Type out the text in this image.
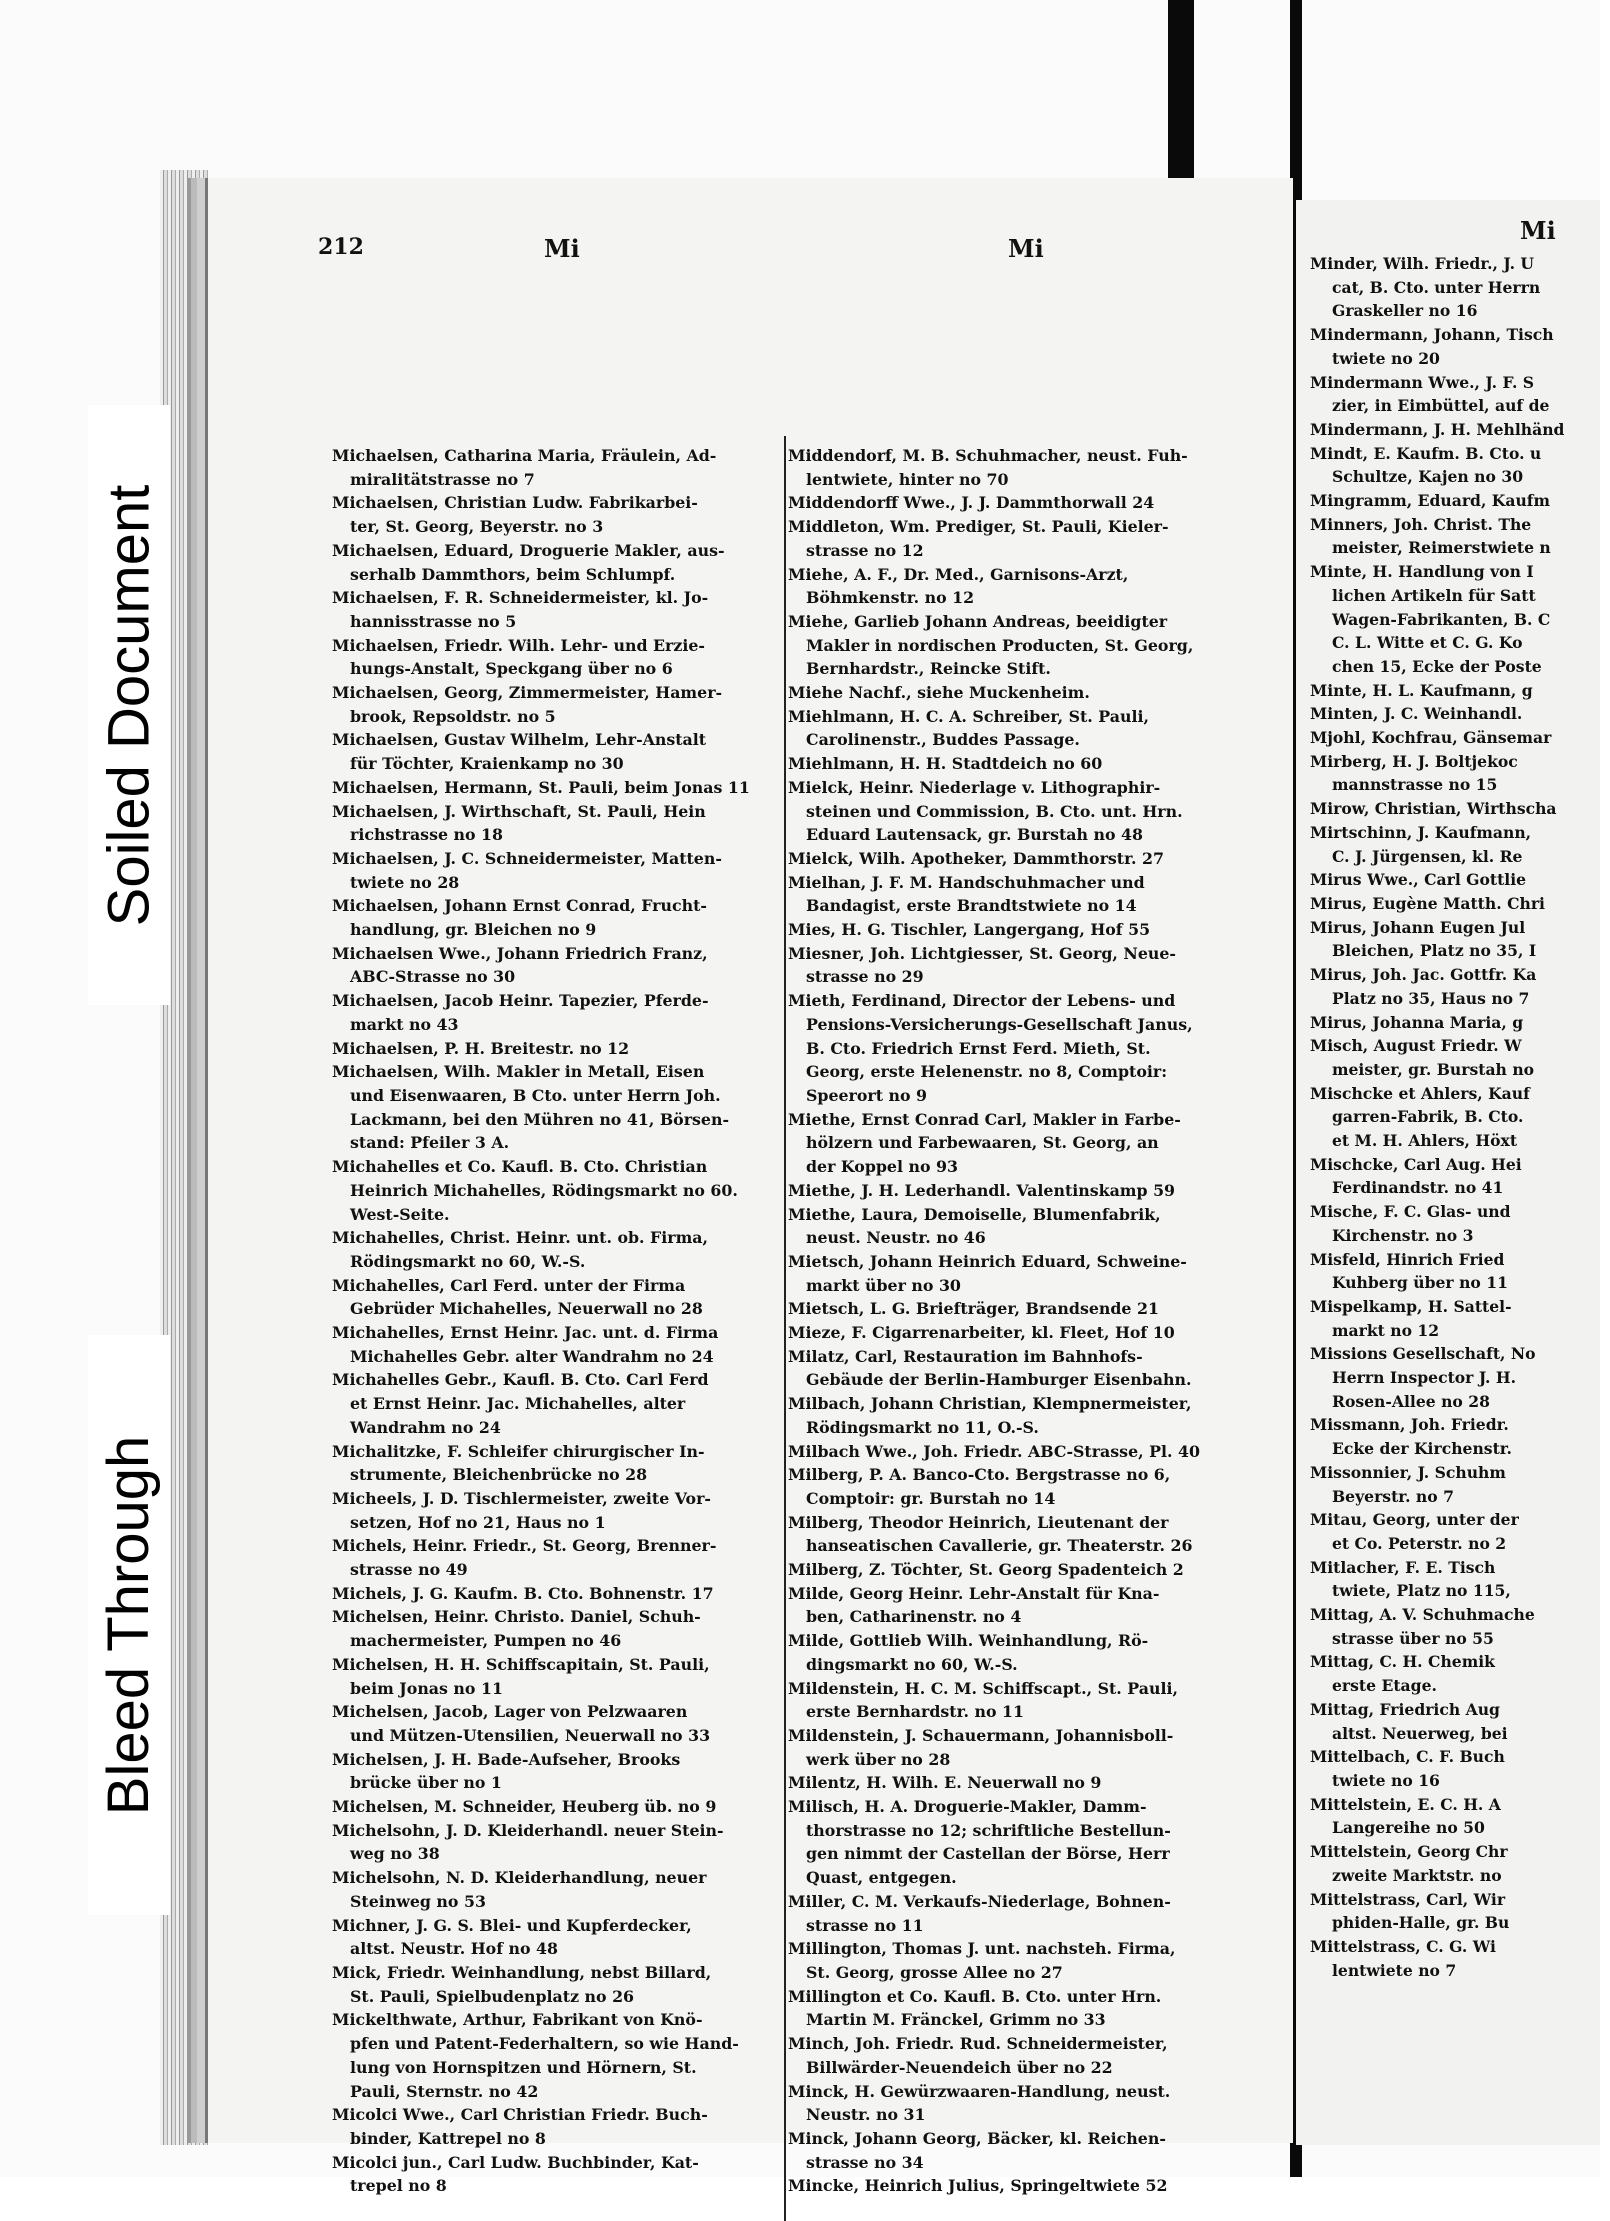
212	Mi	Mi

Michaelsen, Catharina Maria, Fräulein, Ad-
miralitätstrasse no 7

Michaelsen, Christian Ludw. Fabrikarbei-
ter, St. Georg, Beyerstr. no 3

Michaelsen, Eduard, Droguerie Makler, aus-
serhalb Dammthors, beim Schlumpf.

Michaelsen, F. R. Schneidermeister, kl. Jo-
hannisstrasse no 5

Michaelsen, Friedr. Wilh. Lehr- und Erzie-
hungs-Anstalt, Speckgang über no 6

Michaelsen, Georg, Zimmermeister, Hamer-
brook, Repsoldstr. no 5

Michaelsen, Gustav Wilhelm, Lehr-Anstalt
für Töchter, Kraienkamp no 30

Michaelsen, Hermann, St. Pauli, beim Jonas 11

Michaelsen, J. Wirthschaft, St. Pauli, Hein
richstrasse no 18

Michaelsen, J. C. Schneidermeister, Matten-
twiete no 28

Michaelsen, Johann Ernst Conrad, Frucht-
handlung, gr. Bleichen no 9

Michaelsen Wwe., Johann Friedrich Franz,
ABC-Strasse no 30

Michaelsen, Jacob Heinr. Tapezier, Pferde-
markt no 43

Michaelsen, P. H. Breitestr. no 12

Michaelsen, Wilh. Makler in Metall, Eisen
und Eisenwaaren, B Cto. unter Herrn Joh.
Lackmann, bei den Mühren no 41, Börsen-
stand: Pfeiler 3 A.

Michahelles et Co. Kaufl. B. Cto. Christian
Heinrich Michahelles, Rödingsmarkt no 60.
West-Seite.

Michahelles, Christ. Heinr. unt. ob. Firma,
Rödingsmarkt no 60, W.-S.

Michahelles, Carl Ferd. unter der Firma
Gebrüder Michahelles, Neuerwall no 28

Michahelles, Ernst Heinr. Jac. unt. d. Firma
Michahelles Gebr. alter Wandrahm no 24

Michahelles Gebr., Kaufl. B. Cto. Carl Ferd
et Ernst Heinr. Jac. Michahelles, alter
Wandrahm no 24

Michalitzke, F. Schleifer chirurgischer In-
strumente, Bleichenbrücke no 28

Micheels, J. D. Tischlermeister, zweite Vor-
setzen, Hof no 21, Haus no 1

Michels, Heinr. Friedr., St. Georg, Brenner-
strasse no 49

Michels, J. G. Kaufm. B. Cto. Bohnenstr. 17

Michelsen, Heinr. Christo. Daniel, Schuh-
machermeister, Pumpen no 46

Michelsen, H. H. Schiffscapitain, St. Pauli,
beim Jonas no 11

Michelsen, Jacob, Lager von Pelzwaaren
und Mützen-Utensilien, Neuerwall no 33

Michelsen, J. H. Bade-Aufseher, Brooks
brücke über no 1

Michelsen, M. Schneider, Heuberg üb. no 9

Michelsohn, J. D. Kleiderhandl. neuer Stein-
weg no 38

Michelsohn, N. D. Kleiderhandlung, neuer
Steinweg no 53

Michner, J. G. S. Blei- und Kupferdecker,
altst. Neustr. Hof no 48

Mick, Friedr. Weinhandlung, nebst Billard,
St. Pauli, Spielbudenplatz no 26

Mickelthwate, Arthur, Fabrikant von Knö-
pfen und Patent-Federhaltern, so wie Hand-
lung von Hornspitzen und Hörnern, St.
Pauli, Sternstr. no 42

Micolci Wwe., Carl Christian Friedr. Buch-
binder, Kattrepel no 8

Micolci jun., Carl Ludw. Buchbinder, Kat-
trepel no 8

Middendorf, M. B. Schuhmacher, neust. Fuh-
lentwiete, hinter no 70

Middendorff Wwe., J. J. Dammthorwall 24

Middleton, Wm. Prediger, St. Pauli, Kieler-
strasse no 12

Miehe, A. F., Dr. Med., Garnisons-Arzt,
Böhmkenstr. no 12

Miehe, Garlieb Johann Andreas, beeidigter
Makler in nordischen Producten, St. Georg,
Bernhardstr., Reincke Stift.

Miehe Nachf., siehe Muckenheim.

Miehlmann, H. C. A. Schreiber, St. Pauli,
Carolinenstr., Buddes Passage.

Miehlmann, H. H. Stadtdeich no 60

Mielck, Heinr. Niederlage v. Lithographir-
steinen und Commission, B. Cto. unt. Hrn.
Eduard Lautensack, gr. Burstah no 48

Mielck, Wilh. Apotheker, Dammthorstr. 27

Mielhan, J. F. M. Handschuhmacher und
Bandagist, erste Brandtstwiete no 14

Mies, H. G. Tischler, Langergang, Hof 55

Miesner, Joh. Lichtgiesser, St. Georg, Neue-
strasse no 29

Mieth, Ferdinand, Director der Lebens- und
Pensions-Versicherungs-Gesellschaft Janus,
B. Cto. Friedrich Ernst Ferd. Mieth, St.
Georg, erste Helenenstr. no 8, Comptoir:
Speerort no 9

Miethe, Ernst Conrad Carl, Makler in Farbe-
hölzern und Farbewaaren, St. Georg, an
der Koppel no 93

Miethe, J. H. Lederhandl. Valentinskamp 59

Miethe, Laura, Demoiselle, Blumenfabrik,
neust. Neustr. no 46

Mietsch, Johann Heinrich Eduard, Schweine-
markt über no 30

Mietsch, L. G. Briefträger, Brandsende 21

Mieze, F. Cigarrenarbeiter, kl. Fleet, Hof 10

Milatz, Carl, Restauration im Bahnhofs-
Gebäude der Berlin-Hamburger Eisenbahn.

Milbach, Johann Christian, Klempnermeister,
Rödingsmarkt no 11, O.-S.

Milbach Wwe., Joh. Friedr. ABC-Strasse, Pl. 40

Milberg, P. A. Banco-Cto. Bergstrasse no 6,
Comptoir: gr. Burstah no 14

Milberg, Theodor Heinrich, Lieutenant der
hanseatischen Cavallerie, gr. Theaterstr. 26

Milberg, Z. Töchter, St. Georg Spadenteich 2

Milde, Georg Heinr. Lehr-Anstalt für Kna-
ben, Catharinenstr. no 4

Milde, Gottlieb Wilh. Weinhandlung, Rö-
dingsmarkt no 60, W.-S.

Mildenstein, H. C. M. Schiffscapt., St. Pauli,
erste Bernhardstr. no 11

Mildenstein, J. Schauermann, Johannisboll-
werk über no 28

Milentz, H. Wilh. E. Neuerwall no 9

Milisch, H. A. Droguerie-Makler, Damm-
thorstrasse no 12; schriftliche Bestellun-
gen nimmt der Castellan der Börse, Herr
Quast, entgegen.

Miller, C. M. Verkaufs-Niederlage, Bohnen-
strasse no 11

Millington, Thomas J. unt. nachsteh. Firma,
St. Georg, grosse Allee no 27

Millington et Co. Kaufl. B. Cto. unter Hrn.
Martin M. Fränckel, Grimm no 33

Minch, Joh. Friedr. Rud. Schneidermeister,
Billwärder-Neuendeich über no 22

Minck, H. Gewürzwaaren-Handlung, neust.
Neustr. no 31

Minck, Johann Georg, Bäcker, kl. Reichen-
strasse no 34

Mincke, Heinrich Julius, Springeltwiete 52

Mi
Minder, Wilh. Friedr., J. U
cat, B. Cto. unter Herrn
Graskeller no 16
Mindermann, Johann, Tisch
twiete no 20
Mindermann Wwe., J. F. S
zier, in Eimbüttel, auf de
Mindermann, J. H. Mehlhänd
Mindt, E. Kaufm. B. Cto. u
Schultze, Kajen no 30
Mingramm, Eduard, Kaufm
Minners, Joh. Christ. The
meister, Reimerstwiete n
Minte, H. Handlung von I
lichen Artikeln für Satt
Wagen-Fabrikanten, B. C
C. L. Witte et C. G. Ko
chen 15, Ecke der Poste
Minte, H. L. Kaufmann, g
Minten, J. C. Weinhandl.
Mjohl, Kochfrau, Gänsemar
Mirberg, H. J. Boltjekoc
mannstrasse no 15
Mirow, Christian, Wirthscha
Mirtschinn, J. Kaufmann,
C. J. Jürgensen, kl. Re
Mirus Wwe., Carl Gottlie
Mirus, Eugène Matth. Chri
Mirus, Johann Eugen Jul
Bleichen, Platz no 35, I
Mirus, Joh. Jac. Gottfr. Ka
Platz no 35, Haus no 7
Mirus, Johanna Maria, g
Misch, August Friedr. W
meister, gr. Burstah no
Mischcke et Ahlers, Kauf
garren-Fabrik, B. Cto.
et M. H. Ahlers, Höxt
Mischcke, Carl Aug. Hei
Ferdinandstr. no 41
Mische, F. C. Glas- und
Kirchenstr. no 3
Misfeld, Hinrich Fried
Kuhberg über no 11
Mispelkamp, H. Sattel-
markt no 12
Missions Gesellschaft, No
Herrn Inspector J. H.
Rosen-Allee no 28
Missmann, Joh. Friedr.
Ecke der Kirchenstr.
Missonnier, J. Schuhm
Beyerstr. no 7
Mitau, Georg, unter der
et Co. Peterstr. no 2
Mitlacher, F. E. Tisch
twiete, Platz no 115,
Mittag, A. V. Schuhmache
strasse über no 55
Mittag, C. H. Chemik
erste Etage.
Mittag, Friedrich Aug
altst. Neuerweg, bei
Mittelbach, C. F. Buch
twiete no 16
Mittelstein, E. C. H. A
Langereihe no 50
Mittelstein, Georg Chr
zweite Marktstr. no
Mittelstrass, Carl, Wir
phiden-Halle, gr. Bu
Mittelstrass, C. G. Wi
lentwiete no 7
Soiled Document
Bleed Through
